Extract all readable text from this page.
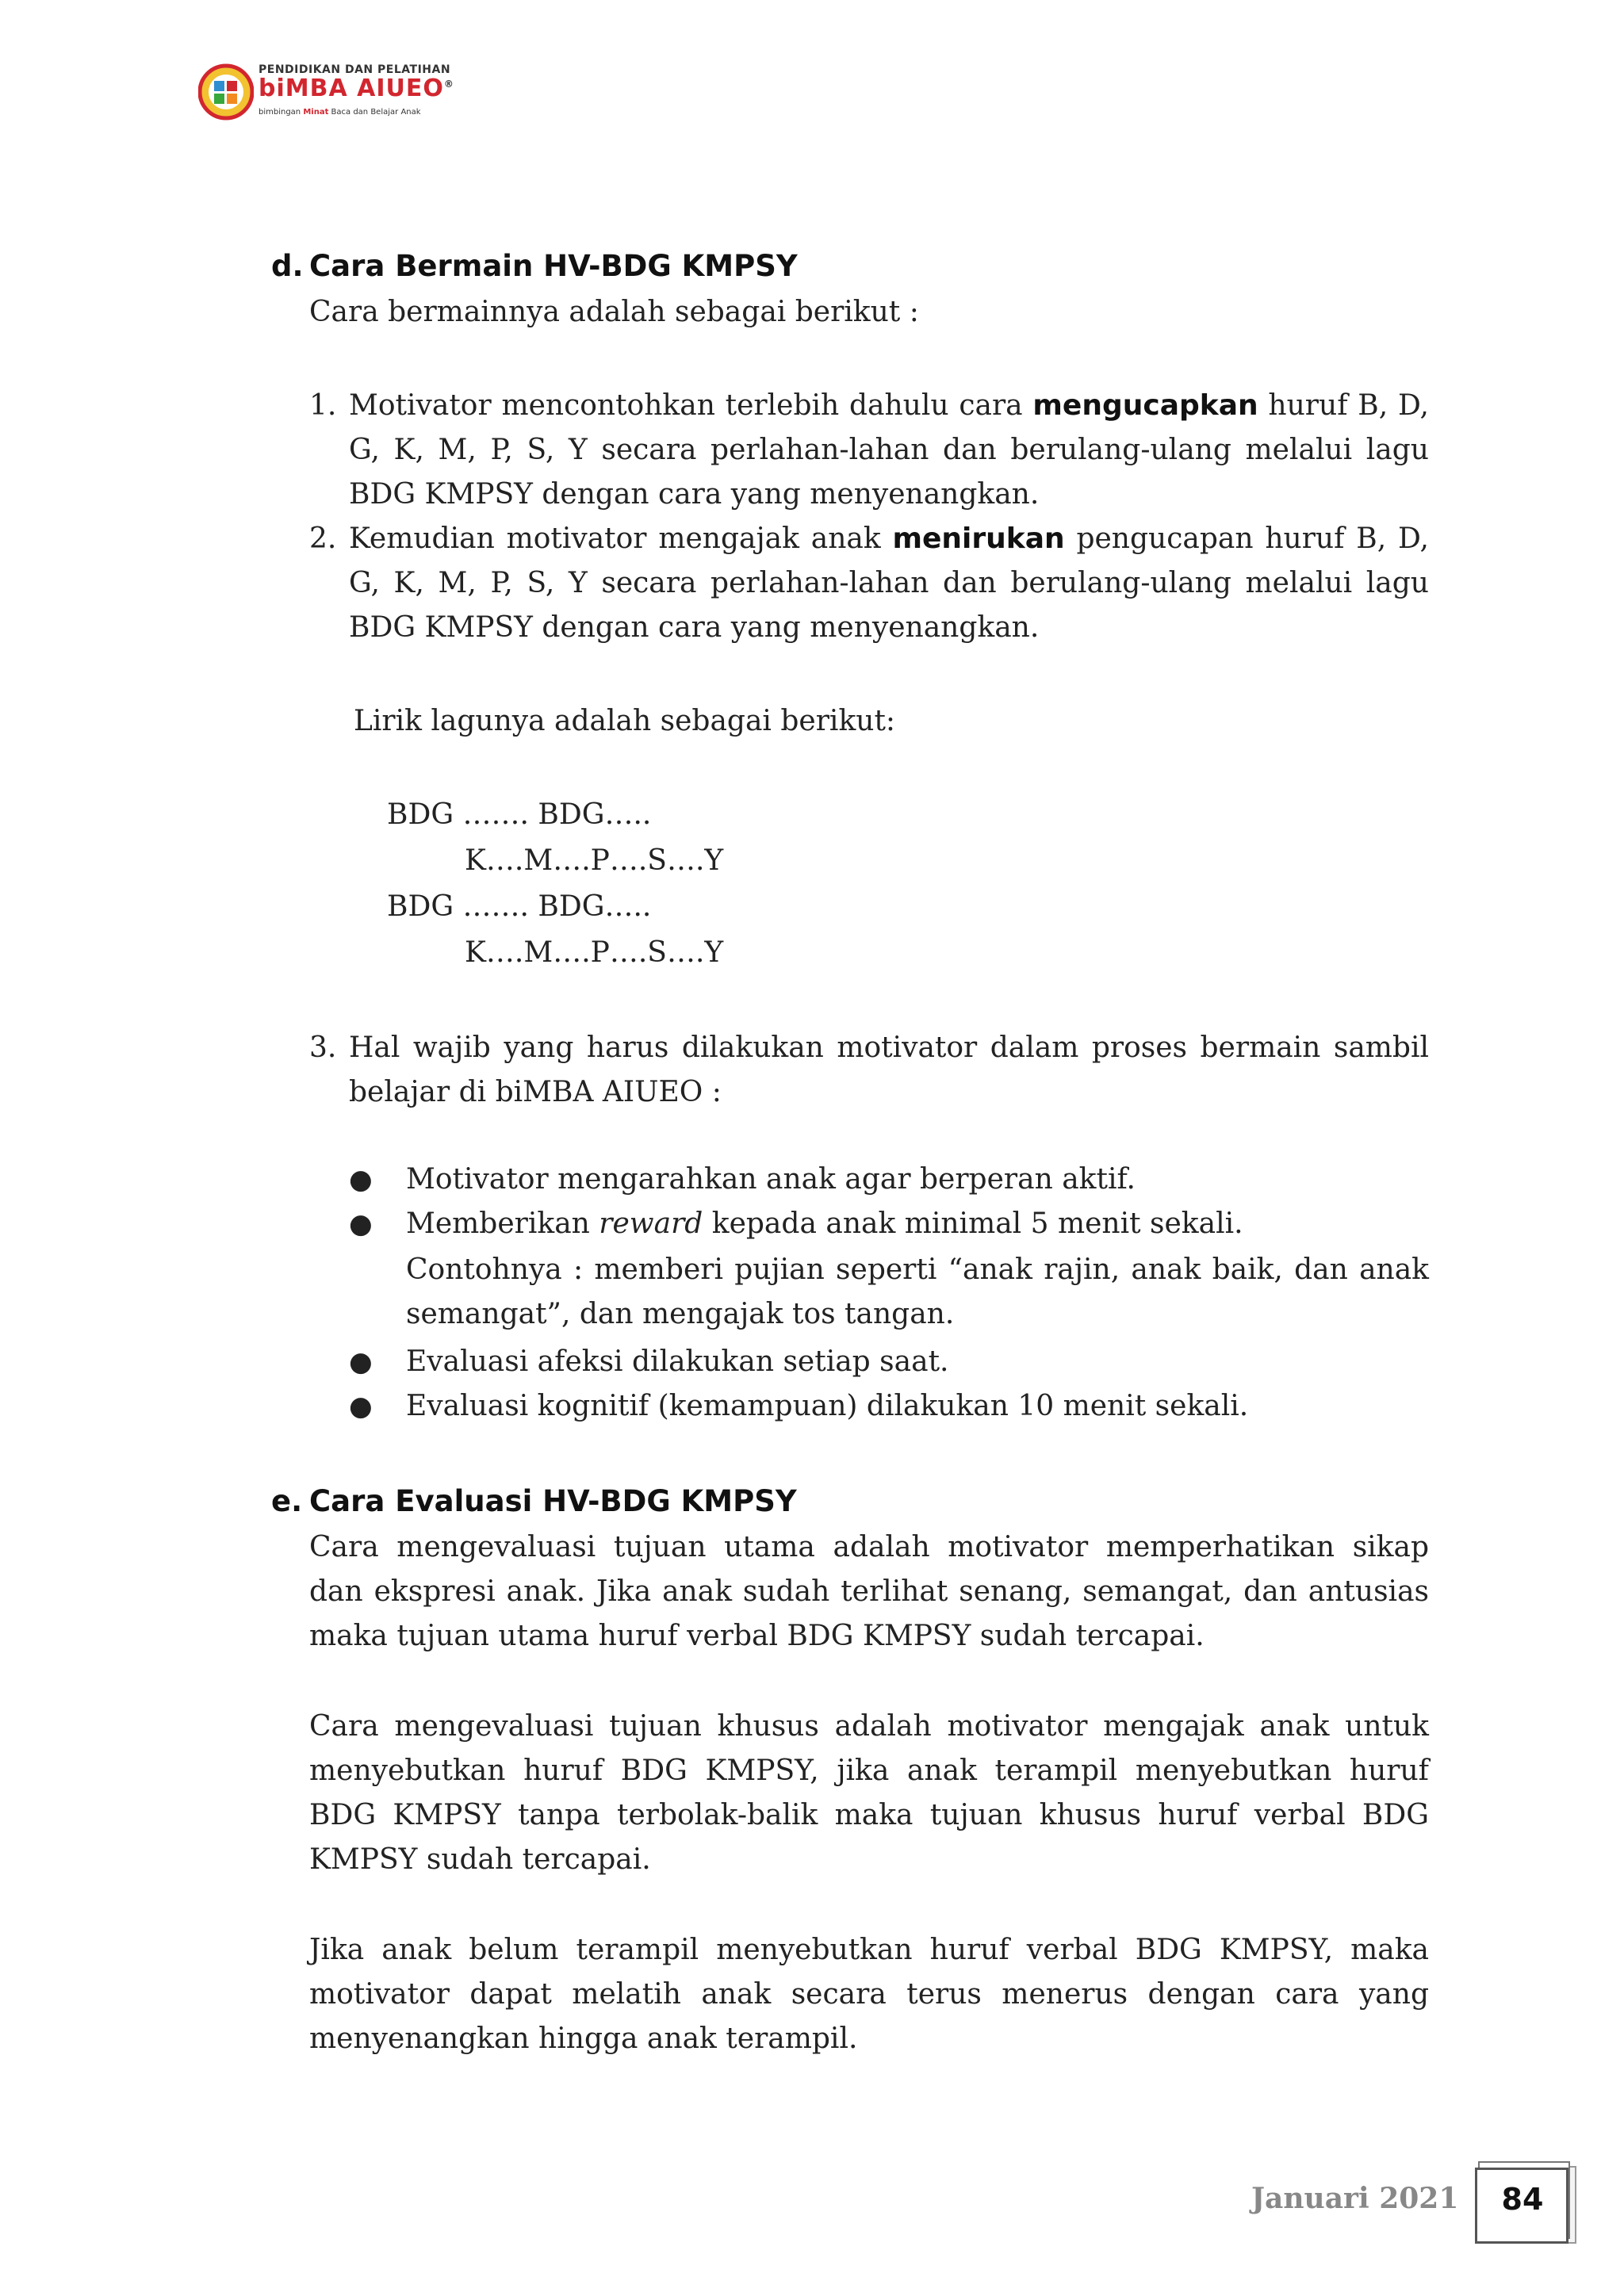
PENDIDIKAN DAN PELATIHAN
biMBA AIUEO®
bimbingan Minat Baca dan Belajar Anak
d. Cara Bermain HV-BDG KMPSY
Cara bermainnya adalah sebagai berikut :
1. Motivator mencontohkan terlebih dahulu cara mengucapkan huruf B, D, G, K, M, P, S, Y secara perlahan-lahan dan berulang-ulang melalui lagu BDG KMPSY dengan cara yang menyenangkan.
2. Kemudian motivator mengajak anak menirukan pengucapan huruf B, D, G, K, M, P, S, Y secara perlahan-lahan dan berulang-ulang melalui lagu BDG KMPSY dengan cara yang menyenangkan.
Lirik lagunya adalah sebagai berikut:
BDG ……. BDG…..
K….M….P….S….Y
BDG ……. BDG…..
K….M….P….S….Y
3. Hal wajib yang harus dilakukan motivator dalam proses bermain sambil belajar di biMBA AIUEO :
● Motivator mengarahkan anak agar berperan aktif.
● Memberikan reward kepada anak minimal 5 menit sekali.
Contohnya : memberi pujian seperti “anak rajin, anak baik, dan anak semangat”, dan mengajak tos tangan.
● Evaluasi afeksi dilakukan setiap saat.
● Evaluasi kognitif (kemampuan) dilakukan 10 menit sekali.
e. Cara Evaluasi HV-BDG KMPSY
Cara mengevaluasi tujuan utama adalah motivator memperhatikan sikap dan ekspresi anak. Jika anak sudah terlihat senang, semangat, dan antusias maka tujuan utama huruf verbal BDG KMPSY sudah tercapai.
Cara mengevaluasi tujuan khusus adalah motivator mengajak anak untuk menyebutkan huruf BDG KMPSY, jika anak terampil menyebutkan huruf BDG KMPSY tanpa terbolak-balik maka tujuan khusus huruf verbal BDG KMPSY sudah tercapai.
Jika anak belum terampil menyebutkan huruf verbal BDG KMPSY, maka motivator dapat melatih anak secara terus menerus dengan cara yang menyenangkan hingga anak terampil.
Januari 2021	84
